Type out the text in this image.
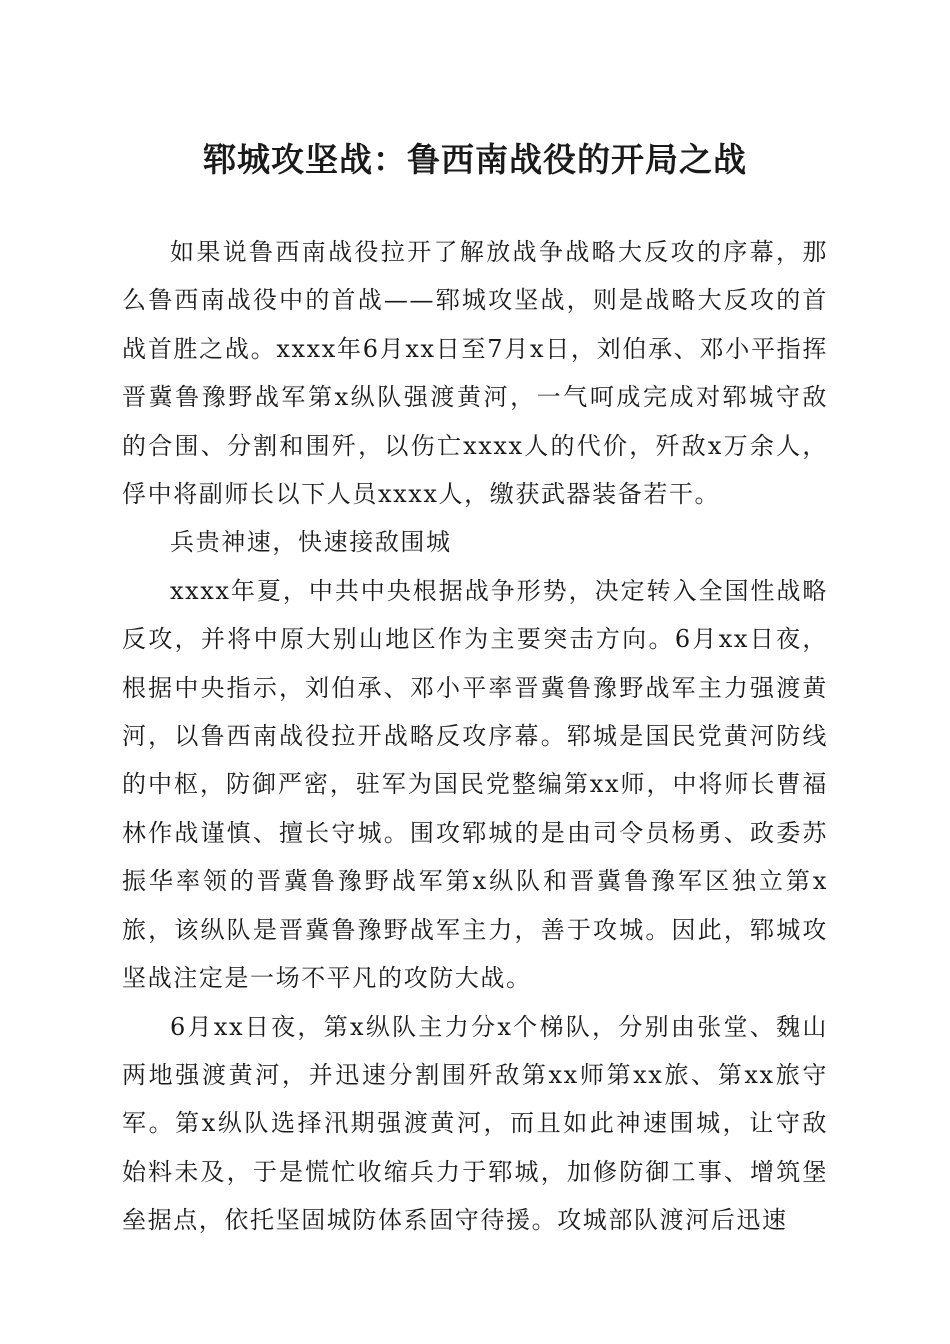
郓城攻坚战：鲁西南战役的开局之战

如果说鲁西南战役拉开了解放战争战略大反攻的序幕，那么鲁西南战役中的首战——郓城攻坚战，则是战略大反攻的首战首胜之战。xxxx年6月xx日至7月x日，刘伯承、邓小平指挥晋冀鲁豫野战军第x纵队强渡黄河，一气呵成完成对郓城守敌的合围、分割和围歼，以伤亡xxxx人的代价，歼敌x万余人，俘中将副师长以下人员xxxx人，缴获武器装备若干。

兵贵神速，快速接敌围城

xxxx年夏，中共中央根据战争形势，决定转入全国性战略反攻，并将中原大别山地区作为主要突击方向。6月xx日夜，根据中央指示，刘伯承、邓小平率晋冀鲁豫野战军主力强渡黄河，以鲁西南战役拉开战略反攻序幕。郓城是国民党黄河防线的中枢，防御严密，驻军为国民党整编第xx师，中将师长曹福林作战谨慎、擅长守城。围攻郓城的是由司令员杨勇、政委苏振华率领的晋冀鲁豫野战军第x纵队和晋冀鲁豫军区独立第x旅，该纵队是晋冀鲁豫野战军主力，善于攻城。因此，郓城攻坚战注定是一场不平凡的攻防大战。

6月xx日夜，第x纵队主力分x个梯队，分别由张堂、魏山两地强渡黄河，并迅速分割围歼敌第xx师第xx旅、第xx旅守军。第x纵队选择汛期强渡黄河，而且如此神速围城，让守敌始料未及，于是慌忙收缩兵力于郓城，加修防御工事、增筑堡垒据点，依托坚固城防体系固守待援。攻城部队渡河后迅速
